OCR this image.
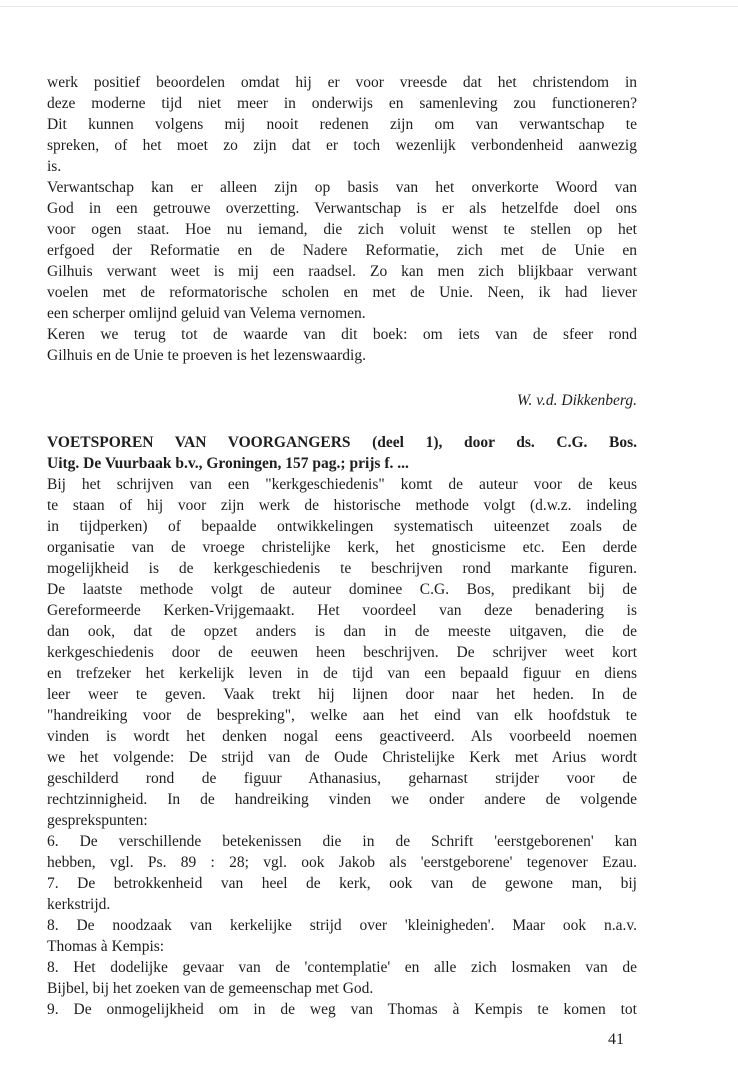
werk positief beoordelen omdat hij er voor vreesde dat het christendom in
deze moderne tijd niet meer in onderwijs en samenleving zou functioneren?
Dit kunnen volgens mij nooit redenen zijn om van verwantschap te
spreken, of het moet zo zijn dat er toch wezenlijk verbondenheid aanwezig
is.
Verwantschap kan er alleen zijn op basis van het onverkorte Woord van
God in een getrouwe overzetting. Verwantschap is er als hetzelfde doel ons
voor ogen staat. Hoe nu iemand, die zich voluit wenst te stellen op het
erfgoed der Reformatie en de Nadere Reformatie, zich met de Unie en
Gilhuis verwant weet is mij een raadsel. Zo kan men zich blijkbaar verwant
voelen met de reformatorische scholen en met de Unie. Neen, ik had liever
een scherper omlijnd geluid van Velema vernomen.
Keren we terug tot de waarde van dit boek: om iets van de sfeer rond
Gilhuis en de Unie te proeven is het lezenswaardig.
W. v.d. Dikkenberg.
VOETSPOREN VAN VOORGANGERS (deel 1), door ds. C.G. Bos.
Uitg. De Vuurbaak b.v., Groningen, 157 pag.; prijs f. ...
Bij het schrijven van een "kerkgeschiedenis" komt de auteur voor de keus
te staan of hij voor zijn werk de historische methode volgt (d.w.z. indeling
in tijdperken) of bepaalde ontwikkelingen systematisch uiteenzet zoals de
organisatie van de vroege christelijke kerk, het gnosticisme etc. Een derde
mogelijkheid is de kerkgeschiedenis te beschrijven rond markante figuren.
De laatste methode volgt de auteur dominee C.G. Bos, predikant bij de
Gereformeerde Kerken-Vrijgemaakt. Het voordeel van deze benadering is
dan ook, dat de opzet anders is dan in de meeste uitgaven, die de
kerkgeschiedenis door de eeuwen heen beschrijven. De schrijver weet kort
en trefzeker het kerkelijk leven in de tijd van een bepaald figuur en diens
leer weer te geven. Vaak trekt hij lijnen door naar het heden. In de
"handreiking voor de bespreking", welke aan het eind van elk hoofdstuk te
vinden is wordt het denken nogal eens geactiveerd. Als voorbeeld noemen
we het volgende: De strijd van de Oude Christelijke Kerk met Arius wordt
geschilderd rond de figuur Athanasius, geharnast strijder voor de
rechtzinnigheid. In de handreiking vinden we onder andere de volgende
gesprekspunten:
6. De verschillende betekenissen die in de Schrift 'eerstgeborenen' kan
hebben, vgl. Ps. 89 : 28; vgl. ook Jakob als 'eerstgeborene' tegenover Ezau.
7. De betrokkenheid van heel de kerk, ook van de gewone man, bij
kerkstrijd.
8. De noodzaak van kerkelijke strijd over 'kleinigheden'. Maar ook n.a.v.
Thomas à Kempis:
8. Het dodelijke gevaar van de 'contemplatie' en alle zich losmaken van de
Bijbel, bij het zoeken van de gemeenschap met God.
9. De onmogelijkheid om in de weg van Thomas à Kempis te komen tot
41
